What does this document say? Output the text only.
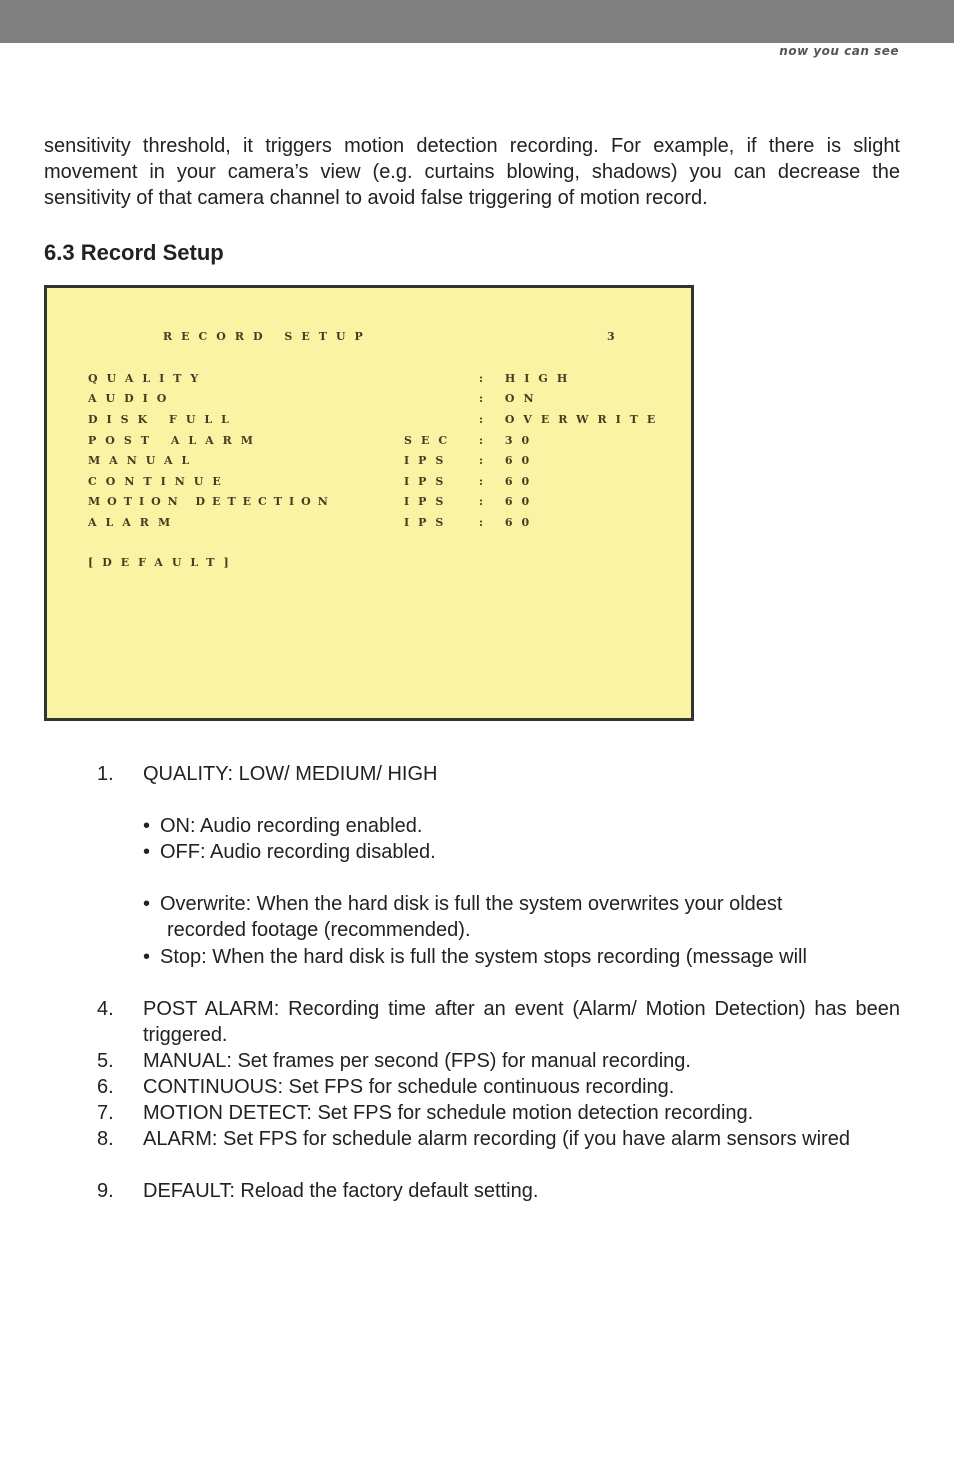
now you can see

sensitivity threshold, it triggers motion detection recording. For example, if there is slight movement in your camera’s view (e.g. curtains blowing, shadows) you can decrease the sensitivity of that camera channel to avoid false triggering of motion record.

6.3 Record Setup
RECORD SETUP	3
QUALITY	: HIGH
AUDIO	: ON
DISK FULL	: OVERWRITE
POST ALARM	SEC : 30
MANUAL	IPS : 60
CONTINUE	IPS : 60
MOTION DETECTION	IPS : 60
ALARM	IPS : 60
[DEFAULT]
1. QUALITY: LOW/ MEDIUM/ HIGH
• ON: Audio recording enabled.
• OFF: Audio recording disabled.
• Overwrite: When the hard disk is full the system overwrites your oldest
recorded footage (recommended).
• Stop: When the hard disk is full the system stops recording (message will
4. POST ALARM: Recording time after an event (Alarm/ Motion Detection) has been triggered.
5. MANUAL: Set frames per second (FPS) for manual recording.
6. CONTINUOUS: Set FPS for schedule continuous recording.
7. MOTION DETECT: Set FPS for schedule motion detection recording.
8. ALARM: Set FPS for schedule alarm recording (if you have alarm sensors wired
9. DEFAULT: Reload the factory default setting.
